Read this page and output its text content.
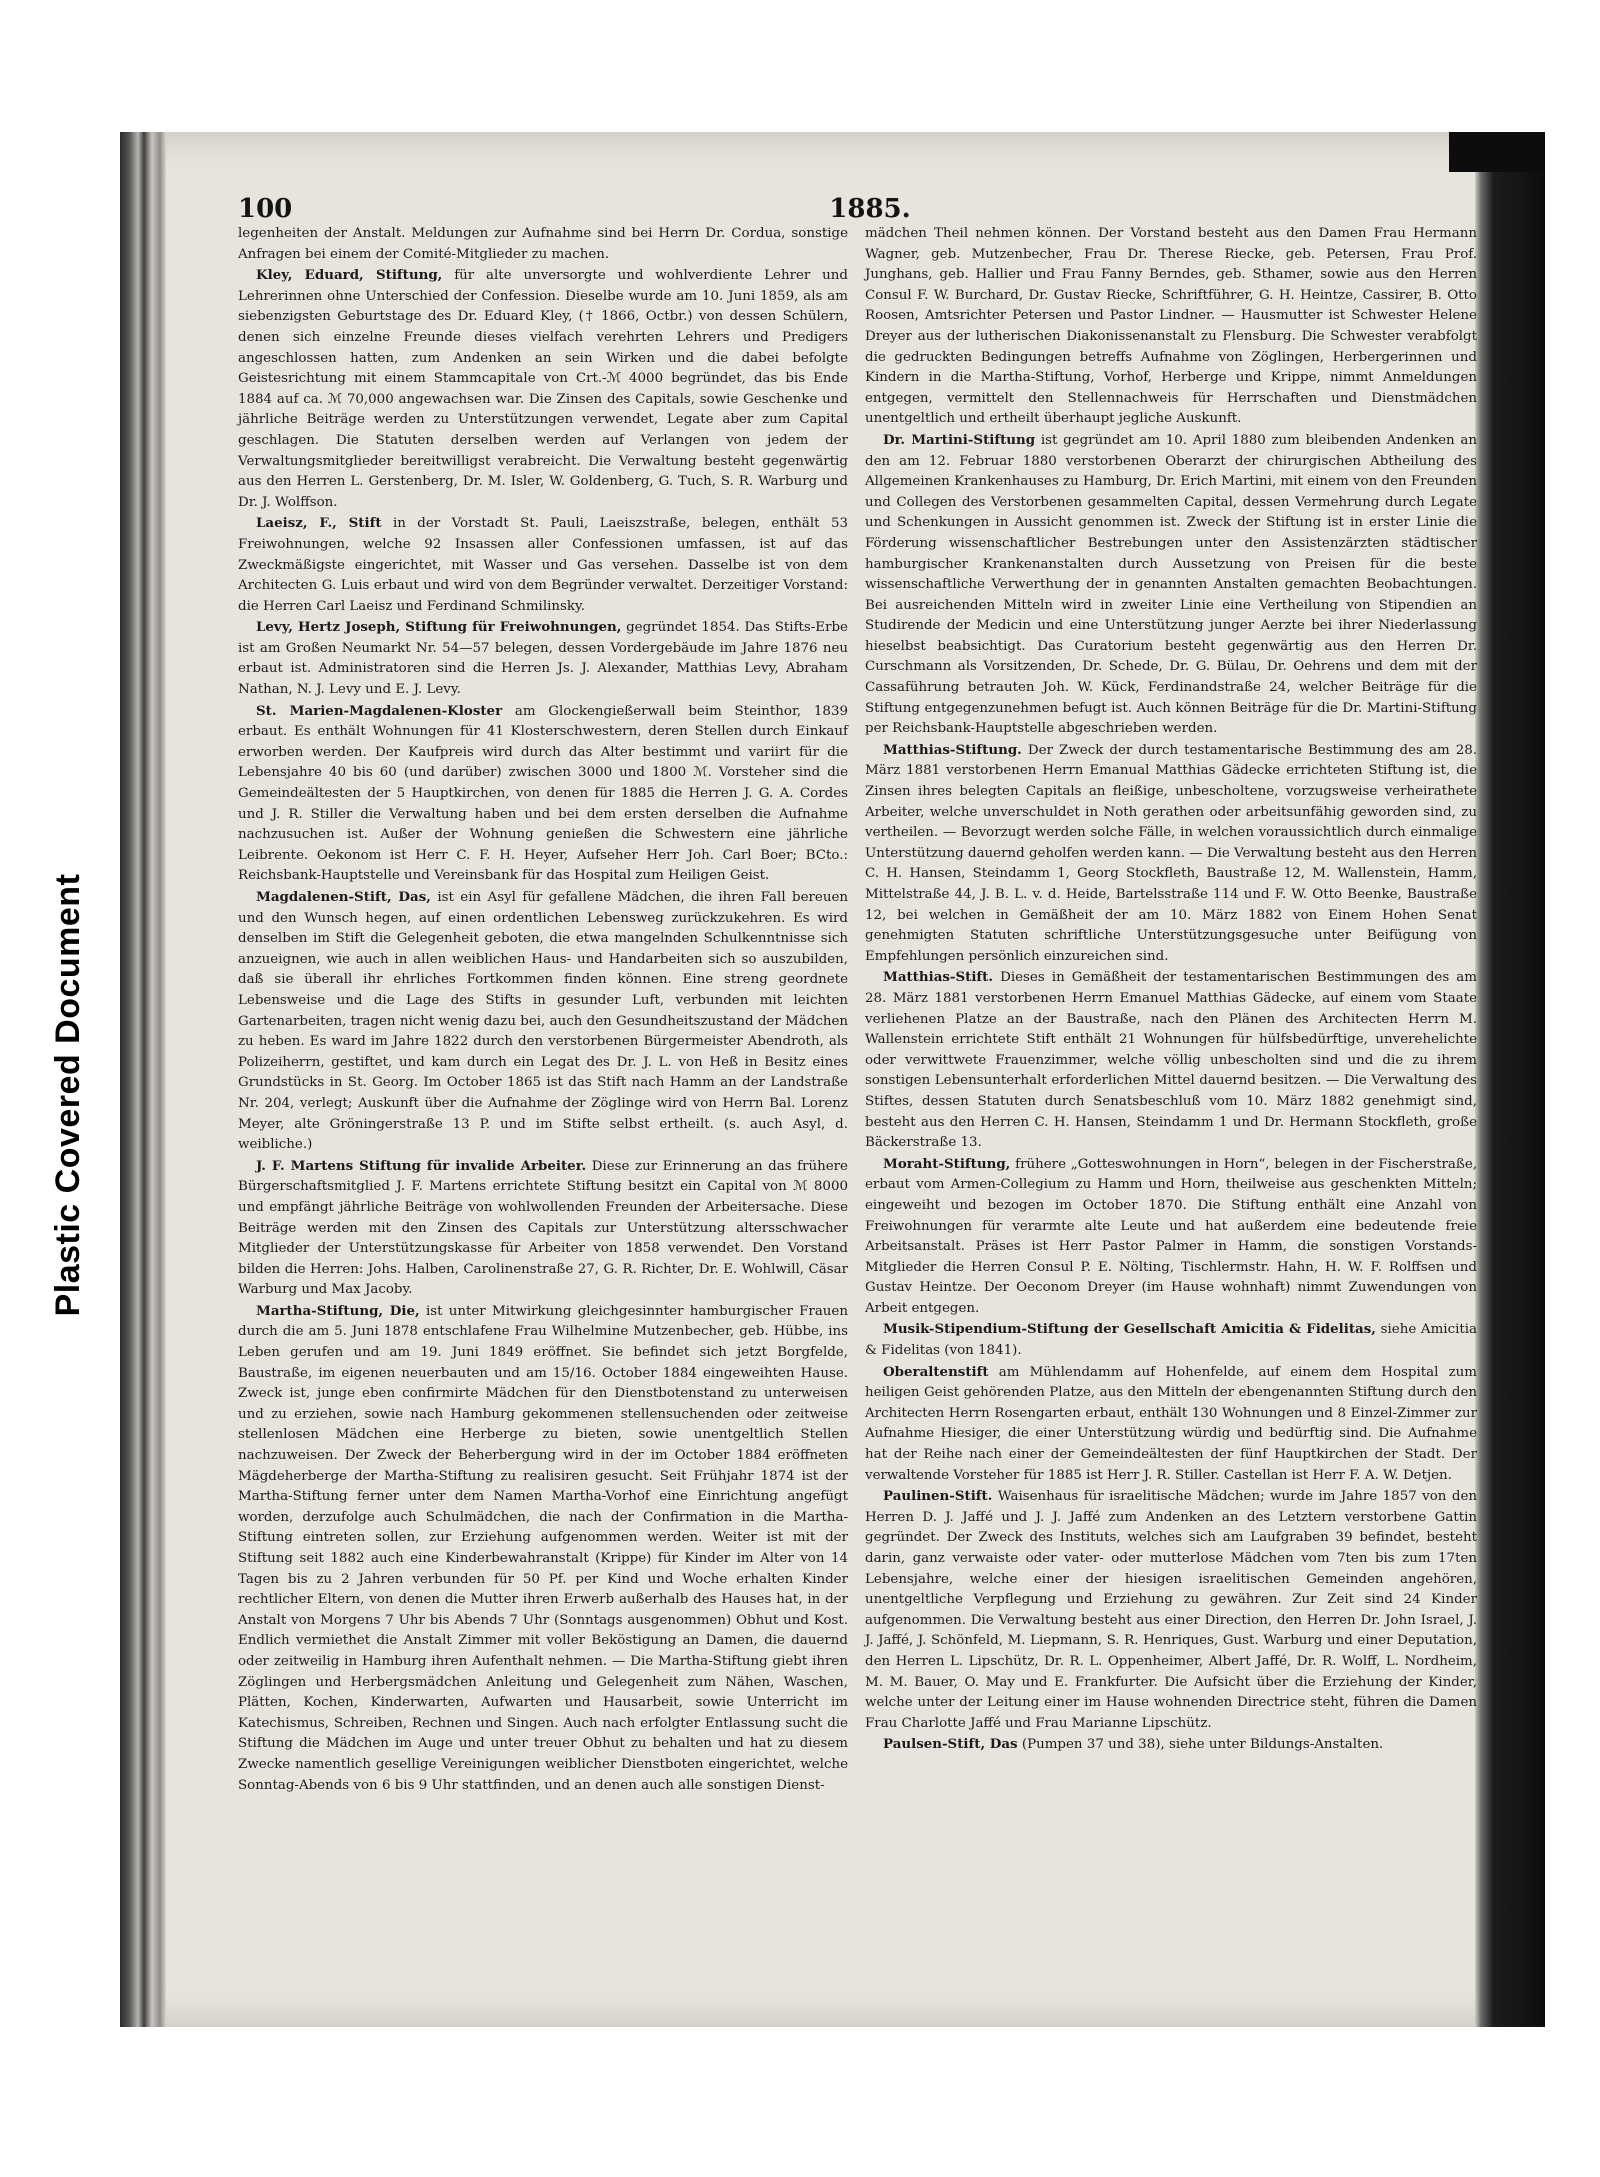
Plastic Covered Document
100	1885.

legenheiten der Anstalt. Meldungen zur Aufnahme sind bei Herrn Dr. Cordua, sonstige Anfragen bei einem der Comité-Mitglieder zu machen.

Kley, Eduard, Stiftung, für alte unversorgte und wohlverdiente Lehrer und Lehrerinnen ohne Unterschied der Confession. Dieselbe wurde am 10. Juni 1859, als am siebenzigsten Geburtstage des Dr. Eduard Kley, († 1866, Octbr.) von dessen Schülern, denen sich einzelne Freunde dieses vielfach verehrten Lehrers und Predigers angeschlossen hatten, zum Andenken an sein Wirken und die dabei befolgte Geistesrichtung mit einem Stammcapitale von Crt.-ℳ 4000 begründet, das bis Ende 1884 auf ca. ℳ 70,000 angewachsen war. Die Zinsen des Capitals, sowie Geschenke und jährliche Beiträge werden zu Unterstützungen verwendet, Legate aber zum Capital geschlagen. Die Statuten derselben werden auf Verlangen von jedem der Verwaltungsmitglieder bereitwilligst verabreicht. Die Verwaltung besteht gegenwärtig aus den Herren L. Gerstenberg, Dr. M. Isler, W. Goldenberg, G. Tuch, S. R. Warburg und Dr. J. Wolffson.

Laeisz, F., Stift in der Vorstadt St. Pauli, Laeiszstraße, belegen, enthält 53 Freiwohnungen, welche 92 Insassen aller Confessionen umfassen, ist auf das Zweckmäßigste eingerichtet, mit Wasser und Gas versehen. Dasselbe ist von dem Architecten G. Luis erbaut und wird von dem Begründer verwaltet. Derzeitiger Vorstand: die Herren Carl Laeisz und Ferdinand Schmilinsky.

Levy, Hertz Joseph, Stiftung für Freiwohnungen, gegründet 1854. Das Stifts-Erbe ist am Großen Neumarkt Nr. 54—57 belegen, dessen Vordergebäude im Jahre 1876 neu erbaut ist. Administratoren sind die Herren Js. J. Alexander, Matthias Levy, Abraham Nathan, N. J. Levy und E. J. Levy.

St. Marien-Magdalenen-Kloster am Glockengießerwall beim Steinthor, 1839 erbaut. Es enthält Wohnungen für 41 Klosterschwestern, deren Stellen durch Einkauf erworben werden. Der Kaufpreis wird durch das Alter bestimmt und variirt für die Lebensjahre 40 bis 60 (und darüber) zwischen 3000 und 1800 ℳ. Vorsteher sind die Gemeindeältesten der 5 Hauptkirchen, von denen für 1885 die Herren J. G. A. Cordes und J. R. Stiller die Verwaltung haben und bei dem ersten derselben die Aufnahme nachzusuchen ist. Außer der Wohnung genießen die Schwestern eine jährliche Leibrente. Oekonom ist Herr C. F. H. Heyer, Aufseher Herr Joh. Carl Boer; BCto.: Reichsbank-Hauptstelle und Vereinsbank für das Hospital zum Heiligen Geist.

Magdalenen-Stift, Das, ist ein Asyl für gefallene Mädchen, die ihren Fall bereuen und den Wunsch hegen, auf einen ordentlichen Lebensweg zurückzukehren. Es wird denselben im Stift die Gelegenheit geboten, die etwa mangelnden Schulkenntnisse sich anzueignen, wie auch in allen weiblichen Haus- und Handarbeiten sich so auszubilden, daß sie überall ihr ehrliches Fortkommen finden können. Eine streng geordnete Lebensweise und die Lage des Stifts in gesunder Luft, verbunden mit leichten Gartenarbeiten, tragen nicht wenig dazu bei, auch den Gesundheitszustand der Mädchen zu heben. Es ward im Jahre 1822 durch den verstorbenen Bürgermeister Abendroth, als Polizeiherrn, gestiftet, und kam durch ein Legat des Dr. J. L. von Heß in Besitz eines Grundstücks in St. Georg. Im October 1865 ist das Stift nach Hamm an der Landstraße Nr. 204, verlegt; Auskunft über die Aufnahme der Zöglinge wird von Herrn Bal. Lorenz Meyer, alte Gröningerstraße 13 P. und im Stifte selbst ertheilt. (s. auch Asyl, d. weibliche.)

J. F. Martens Stiftung für invalide Arbeiter. Diese zur Erinnerung an das frühere Bürgerschaftsmitglied J. F. Martens errichtete Stiftung besitzt ein Capital von ℳ 8000 und empfängt jährliche Beiträge von wohlwollenden Freunden der Arbeitersache. Diese Beiträge werden mit den Zinsen des Capitals zur Unterstützung altersschwacher Mitglieder der Unterstützungskasse für Arbeiter von 1858 verwendet. Den Vorstand bilden die Herren: Johs. Halben, Carolinenstraße 27, G. R. Richter, Dr. E. Wohlwill, Cäsar Warburg und Max Jacoby.

Martha-Stiftung, Die, ist unter Mitwirkung gleichgesinnter hamburgischer Frauen durch die am 5. Juni 1878 entschlafene Frau Wilhelmine Mutzenbecher, geb. Hübbe, ins Leben gerufen und am 19. Juni 1849 eröffnet. Sie befindet sich jetzt Borgfelde, Baustraße, im eigenen neuerbauten und am 15/16. October 1884 eingeweihten Hause. Zweck ist, junge eben confirmirte Mädchen für den Dienstbotenstand zu unterweisen und zu erziehen, sowie nach Hamburg gekommenen stellensuchenden oder zeitweise stellenlosen Mädchen eine Herberge zu bieten, sowie unentgeltlich Stellen nachzuweisen. Der Zweck der Beherbergung wird in der im October 1884 eröffneten Mägdeherberge der Martha-Stiftung zu realisiren gesucht. Seit Frühjahr 1874 ist der Martha-Stiftung ferner unter dem Namen Martha-Vorhof eine Einrichtung angefügt worden, derzufolge auch Schulmädchen, die nach der Confirmation in die Martha-Stiftung eintreten sollen, zur Erziehung aufgenommen werden. Weiter ist mit der Stiftung seit 1882 auch eine Kinderbewahranstalt (Krippe) für Kinder im Alter von 14 Tagen bis zu 2 Jahren verbunden für 50 Pf. per Kind und Woche erhalten Kinder rechtlicher Eltern, von denen die Mutter ihren Erwerb außerhalb des Hauses hat, in der Anstalt von Morgens 7 Uhr bis Abends 7 Uhr (Sonntags ausgenommen) Obhut und Kost. Endlich vermiethet die Anstalt Zimmer mit voller Beköstigung an Damen, die dauernd oder zeitweilig in Hamburg ihren Aufenthalt nehmen. — Die Martha-Stiftung giebt ihren Zöglingen und Herbergsmädchen Anleitung und Gelegenheit zum Nähen, Waschen, Plätten, Kochen, Kinderwarten, Aufwarten und Hausarbeit, sowie Unterricht im Katechismus, Schreiben, Rechnen und Singen. Auch nach erfolgter Entlassung sucht die Stiftung die Mädchen im Auge und unter treuer Obhut zu behalten und hat zu diesem Zwecke namentlich gesellige Vereinigungen weiblicher Dienstboten eingerichtet, welche Sonntag-Abends von 6 bis 9 Uhr stattfinden, und an denen auch alle sonstigen Dienst-

mädchen Theil nehmen können. Der Vorstand besteht aus den Damen Frau Hermann Wagner, geb. Mutzenbecher, Frau Dr. Therese Riecke, geb. Petersen, Frau Prof. Junghans, geb. Hallier und Frau Fanny Berndes, geb. Sthamer, sowie aus den Herren Consul F. W. Burchard, Dr. Gustav Riecke, Schriftführer, G. H. Heintze, Cassirer, B. Otto Roosen, Amtsrichter Petersen und Pastor Lindner. — Hausmutter ist Schwester Helene Dreyer aus der lutherischen Diakonissenanstalt zu Flensburg. Die Schwester verabfolgt die gedruckten Bedingungen betreffs Aufnahme von Zöglingen, Herbergerinnen und Kindern in die Martha-Stiftung, Vorhof, Herberge und Krippe, nimmt Anmeldungen entgegen, vermittelt den Stellennachweis für Herrschaften und Dienstmädchen unentgeltlich und ertheilt überhaupt jegliche Auskunft.

Dr. Martini-Stiftung ist gegründet am 10. April 1880 zum bleibenden Andenken an den am 12. Februar 1880 verstorbenen Oberarzt der chirurgischen Abtheilung des Allgemeinen Krankenhauses zu Hamburg, Dr. Erich Martini, mit einem von den Freunden und Collegen des Verstorbenen gesammelten Capital, dessen Vermehrung durch Legate und Schenkungen in Aussicht genommen ist. Zweck der Stiftung ist in erster Linie die Förderung wissenschaftlicher Bestrebungen unter den Assistenzärzten städtischer hamburgischer Krankenanstalten durch Aussetzung von Preisen für die beste wissenschaftliche Verwerthung der in genannten Anstalten gemachten Beobachtungen. Bei ausreichenden Mitteln wird in zweiter Linie eine Vertheilung von Stipendien an Studirende der Medicin und eine Unterstützung junger Aerzte bei ihrer Niederlassung hieselbst beabsichtigt. Das Curatorium besteht gegenwärtig aus den Herren Dr. Curschmann als Vorsitzenden, Dr. Schede, Dr. G. Bülau, Dr. Oehrens und dem mit der Cassaführung betrauten Joh. W. Kück, Ferdinandstraße 24, welcher Beiträge für die Stiftung entgegenzunehmen befugt ist. Auch können Beiträge für die Dr. Martini-Stiftung per Reichsbank-Hauptstelle abgeschrieben werden.

Matthias-Stiftung. Der Zweck der durch testamentarische Bestimmung des am 28. März 1881 verstorbenen Herrn Emanual Matthias Gädecke errichteten Stiftung ist, die Zinsen ihres belegten Capitals an fleißige, unbescholtene, vorzugsweise verheirathete Arbeiter, welche unverschuldet in Noth gerathen oder arbeitsunfähig geworden sind, zu vertheilen. — Bevorzugt werden solche Fälle, in welchen voraussichtlich durch einmalige Unterstützung dauernd geholfen werden kann. — Die Verwaltung besteht aus den Herren C. H. Hansen, Steindamm 1, Georg Stockfleth, Baustraße 12, M. Wallenstein, Hamm, Mittelstraße 44, J. B. L. v. d. Heide, Bartelsstraße 114 und F. W. Otto Beenke, Baustraße 12, bei welchen in Gemäßheit der am 10. März 1882 von Einem Hohen Senat genehmigten Statuten schriftliche Unterstützungsgesuche unter Beifügung von Empfehlungen persönlich einzureichen sind.

Matthias-Stift. Dieses in Gemäßheit der testamentarischen Bestimmungen des am 28. März 1881 verstorbenen Herrn Emanuel Matthias Gädecke, auf einem vom Staate verliehenen Platze an der Baustraße, nach den Plänen des Architecten Herrn M. Wallenstein errichtete Stift enthält 21 Wohnungen für hülfsbedürftige, unverehelichte oder verwittwete Frauenzimmer, welche völlig unbescholten sind und die zu ihrem sonstigen Lebensunterhalt erforderlichen Mittel dauernd besitzen. — Die Verwaltung des Stiftes, dessen Statuten durch Senatsbeschluß vom 10. März 1882 genehmigt sind, besteht aus den Herren C. H. Hansen, Steindamm 1 und Dr. Hermann Stockfleth, große Bäckerstraße 13.

Moraht-Stiftung, frühere „Gotteswohnungen in Horn“, belegen in der Fischerstraße, erbaut vom Armen-Collegium zu Hamm und Horn, theilweise aus geschenkten Mitteln; eingeweiht und bezogen im October 1870. Die Stiftung enthält eine Anzahl von Freiwohnungen für verarmte alte Leute und hat außerdem eine bedeutende freie Arbeitsanstalt. Präses ist Herr Pastor Palmer in Hamm, die sonstigen Vorstands-Mitglieder die Herren Consul P. E. Nölting, Tischlermstr. Hahn, H. W. F. Rolffsen und Gustav Heintze. Der Oeconom Dreyer (im Hause wohnhaft) nimmt Zuwendungen von Arbeit entgegen.

Musik-Stipendium-Stiftung der Gesellschaft Amicitia & Fidelitas, siehe Amicitia & Fidelitas (von 1841).

Oberaltenstift am Mühlendamm auf Hohenfelde, auf einem dem Hospital zum heiligen Geist gehörenden Platze, aus den Mitteln der ebengenannten Stiftung durch den Architecten Herrn Rosengarten erbaut, enthält 130 Wohnungen und 8 Einzel-Zimmer zur Aufnahme Hiesiger, die einer Unterstützung würdig und bedürftig sind. Die Aufnahme hat der Reihe nach einer der Gemeindeältesten der fünf Hauptkirchen der Stadt. Der verwaltende Vorsteher für 1885 ist Herr J. R. Stiller. Castellan ist Herr F. A. W. Detjen.

Paulinen-Stift. Waisenhaus für israelitische Mädchen; wurde im Jahre 1857 von den Herren D. J. Jaffé und J. J. Jaffé zum Andenken an des Letztern verstorbene Gattin gegründet. Der Zweck des Instituts, welches sich am Laufgraben 39 befindet, besteht darin, ganz verwaiste oder vater- oder mutterlose Mädchen vom 7ten bis zum 17ten Lebensjahre, welche einer der hiesigen israelitischen Gemeinden angehören, unentgeltliche Verpflegung und Erziehung zu gewähren. Zur Zeit sind 24 Kinder aufgenommen. Die Verwaltung besteht aus einer Direction, den Herren Dr. John Israel, J. J. Jaffé, J. Schönfeld, M. Liepmann, S. R. Henriques, Gust. Warburg und einer Deputation, den Herren L. Lipschütz, Dr. R. L. Oppenheimer, Albert Jaffé, Dr. R. Wolff, L. Nordheim, M. M. Bauer, O. May und E. Frankfurter. Die Aufsicht über die Erziehung der Kinder, welche unter der Leitung einer im Hause wohnenden Directrice steht, führen die Damen Frau Charlotte Jaffé und Frau Marianne Lipschütz.

Paulsen-Stift, Das (Pumpen 37 und 38), siehe unter Bildungs-Anstalten.
